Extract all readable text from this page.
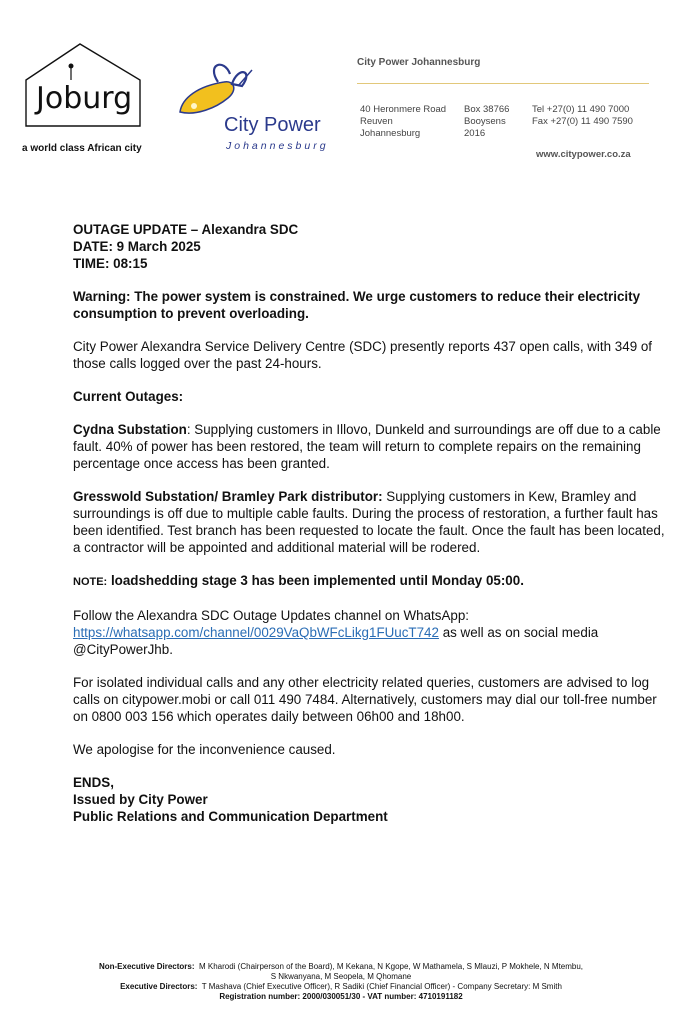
Joburg
a world class African city
City Power
Johannesburg
City Power Johannesburg
40 Heronmere Road
Reuven
Johannesburg
Box 38766
Booysens
2016
Tel +27(0) 11 490 7000
Fax +27(0) 11 490 7590
www.citypower.co.za

OUTAGE UPDATE – Alexandra SDC

DATE: 9 March 2025

TIME: 08:15

Warning: The power system is constrained. We urge customers to reduce their electricity consumption to prevent overloading.

City Power Alexandra Service Delivery Centre (SDC) presently reports 437 open calls, with 349 of those calls logged over the past 24-hours.

Current Outages:

Cydna Substation: Supplying customers in Illovo, Dunkeld and surroundings are off due to a cable fault. 40% of power has been restored, the team will return to complete repairs on the remaining percentage once access has been granted.

Gresswold Substation/ Bramley Park distributor: Supplying customers in Kew, Bramley and surroundings is off due to multiple cable faults. During the process of restoration, a further fault has been identified. Test branch has been requested to locate the fault. Once the fault has been located, a contractor will be appointed and additional material will be rodered.

NOTE: loadshedding stage 3 has been implemented until Monday 05:00.

Follow the Alexandra SDC Outage Updates channel on WhatsApp: https://whatsapp.com/channel/0029VaQbWFcLikg1FUucT742 as well as on social media @CityPowerJhb.

For isolated individual calls and any other electricity related queries, customers are advised to log calls on citypower.mobi or call 011 490 7484. Alternatively, customers may dial our toll-free number on 0800 003 156 which operates daily between 06h00 and 18h00.

We apologise for the inconvenience caused.

ENDS,

Issued by City Power

Public Relations and Communication Department

Non-Executive Directors: M Kharodi (Chairperson of the Board), M Kekana, N Kgope, W Mathamela, S Mlauzi, P Mokhele, N Mtembu,
S Nkwanyana, M Seopela, M Qhomane
Executive Directors: T Mashava (Chief Executive Officer), R Sadiki (Chief Financial Officer) - Company Secretary: M Smith
Registration number: 2000/030051/30 - VAT number: 4710191182
